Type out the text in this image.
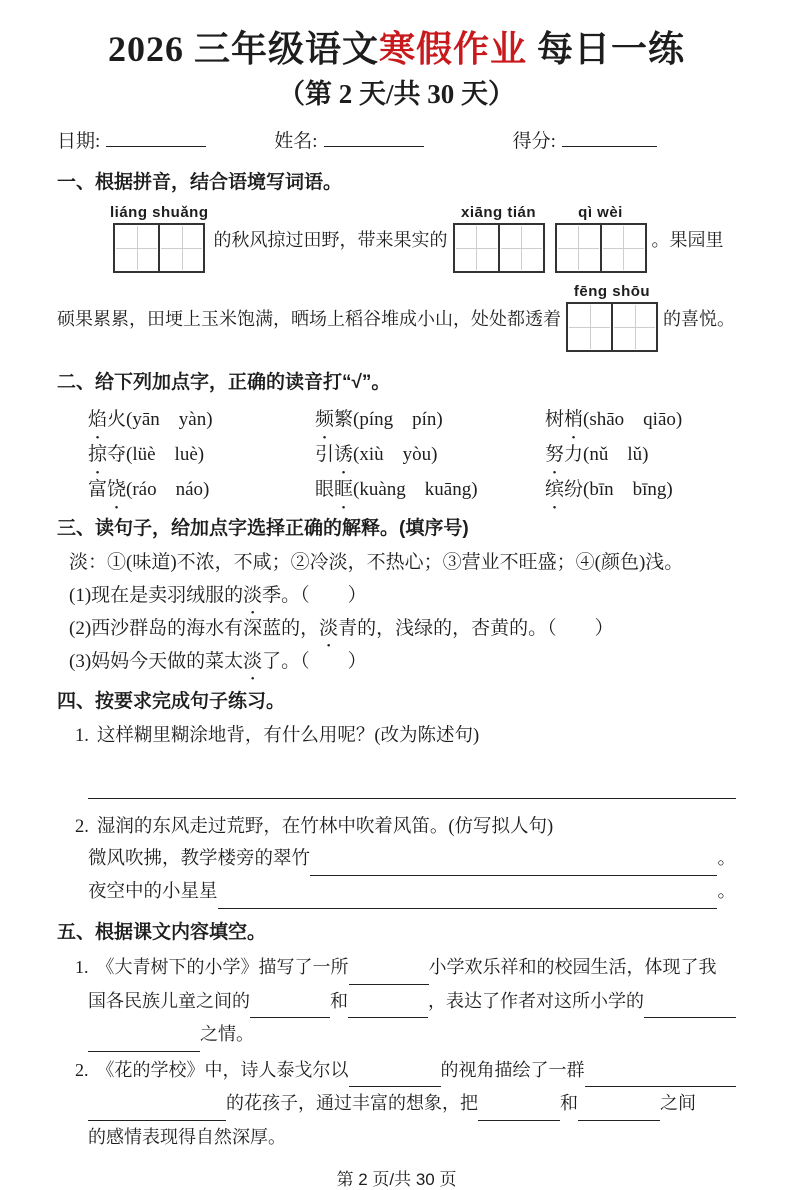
2026 三年级语文寒假作业 每日一练
（第 2 天/共 30 天）
日期:	姓名:	得分:
一、根据拼音，结合语境写词语。
liáng shuǎng
的秋风掠过田野，带来果实的
xiāng tián	qì wèi
。果园里
硕果累累，田埂上玉米饱满，晒场上稻谷堆成小山，处处都透着
fēng shōu
的喜悦。
二、给下列加点字，正确的读音打“√”。
焰 • 火(yān　yàn)	频 • 繁(píng　pín)	树 梢 • (shāo　qiāo)
掠 • 夺(lüè　luè)	引 诱 • (xiù　yòu)	努 • 力(nǔ　lǔ)
富 饶 • (ráo　náo)	眼 眶 • (kuàng　kuāng)	缤 • 纷(bīn　bīng)
三、读句子，给加点字选择正确的解释。(填序号)
淡：①(味道)不浓，不咸；②冷淡，不热心；③营业不旺盛；④(颜色)浅。
(1)现在是卖羽绒服的 淡 • 季。（　　）
(2)西沙群岛的海水有深蓝的， 淡 • 青的，浅绿的，杏黄的。（　　）
(3)妈妈今天做的菜太 淡 • 了。（　　）
四、按要求完成句子练习。
1. 这样糊里糊涂地背，有什么用呢？(改为陈述句)
2. 湿润的东风走过荒野，在竹林中吹着风笛。(仿写拟人句)
微风吹拂，教学楼旁的翠竹	。
夜空中的小星星	。
五、根据课文内容填空。
1. 《大青树下的小学》描写了一所	小学欢乐祥和的校园生活，体现了我
国各民族儿童之间的	和	，表达了作者对这所小学的
之情。
2. 《花的学校》中，诗人泰戈尔以	的视角描绘了一群
的花孩子，通过丰富的想象，把	和	之间
的感情表现得自然深厚。
第 2 页/共 30 页
